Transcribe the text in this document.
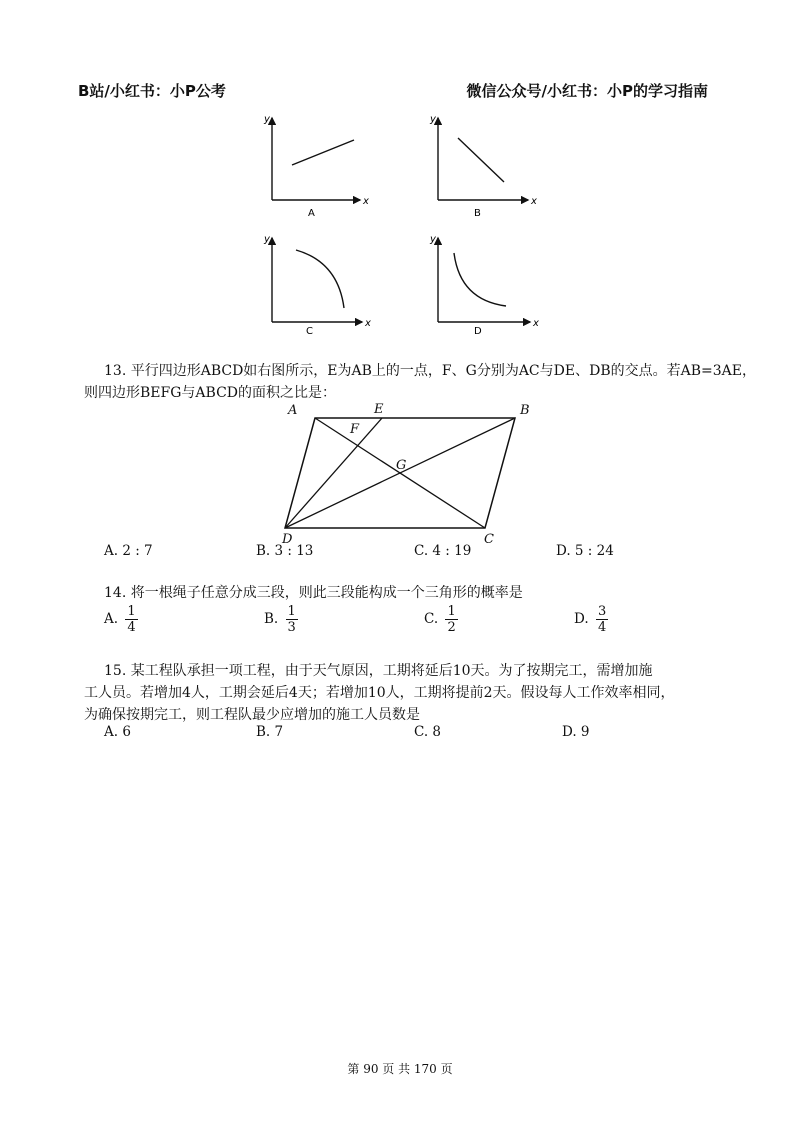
B站/小红书：小P公考	微信公众号/小红书：小P的学习指南
y
x
A
y
x
B
y
x
C
y
x
D
13. 平行四边形ABCD如右图所示，E为AB上的一点，F、G分别为AC与DE、DB的交点。若AB=3AE，
则四边形BEFG与ABCD的面积之比是：
A	B
C
D
E
F
G
A. 2 : 7	B. 3 : 13	C. 4 : 19	D. 5 : 24
14. 将一根绳子任意分成三段，则此三段能构成一个三角形的概率是
A. $\frac{1}{4}$	B. $\frac{1}{3}$	C. $\frac{1}{2}$	D. $\frac{3}{4}$
15. 某工程队承担一项工程，由于天气原因，工期将延后10天。为了按期完工，需增加施
工人员。若增加4人，工期会延后4天；若增加10人，工期将提前2天。假设每人工作效率相同，
为确保按期完工，则工程队最少应增加的施工人员数是
A. 6	B. 7	C. 8	D. 9
第 90 页 共 170 页
